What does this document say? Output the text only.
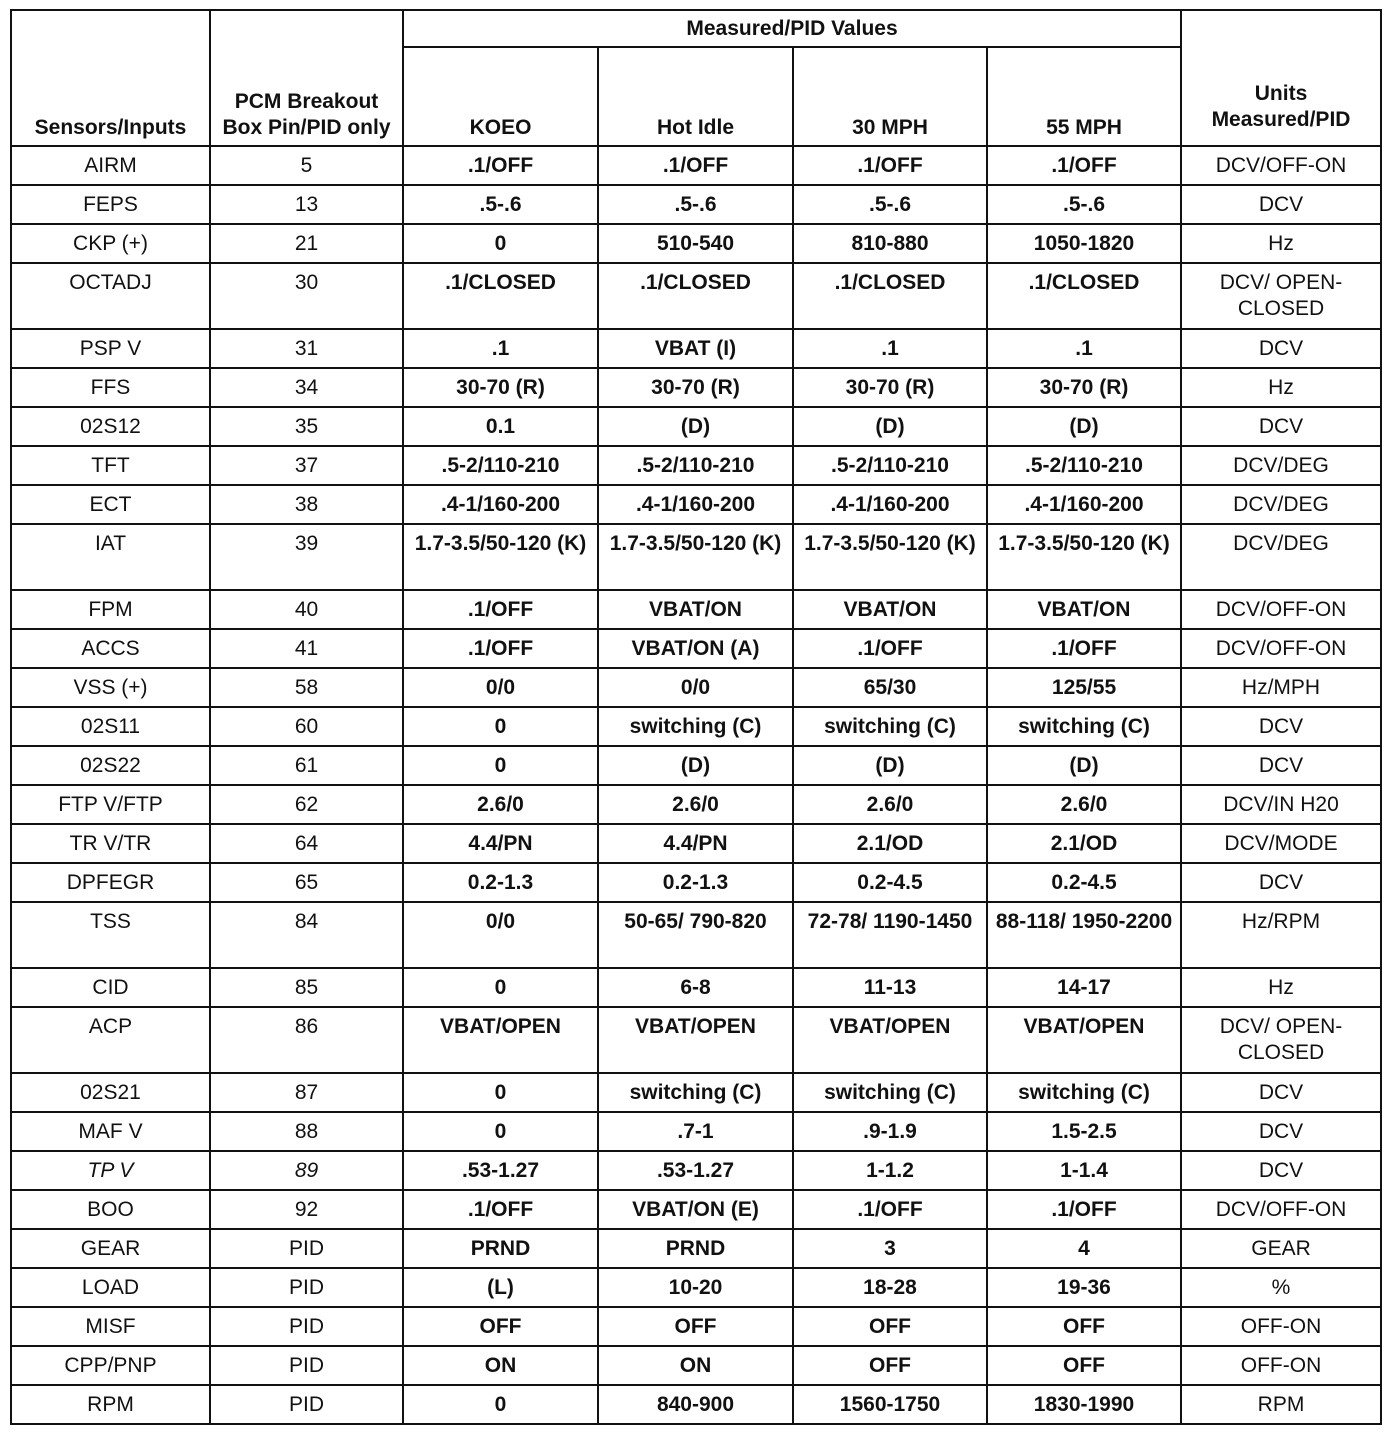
Sensors/Inputs	PCM Breakout Box Pin/PID only	Measured/PID Values				Units Measured/PID

		KOEO	Hot Idle	30 MPH	55 MPH	
AIRM	5	.1/OFF	.1/OFF	.1/OFF	.1/OFF	DCV/OFF-ON
FEPS	13	.5-.6	.5-.6	.5-.6	.5-.6	DCV
CKP (+)	21	0	510-540	810-880	1050-1820	Hz
OCTADJ	30	.1/CLOSED	.1/CLOSED	.1/CLOSED	.1/CLOSED	DCV/ OPEN-CLOSED
PSP V	31	.1	VBAT (I)	.1	.1	DCV
FFS	34	30-70 (R)	30-70 (R)	30-70 (R)	30-70 (R)	Hz
02S12	35	0.1	(D)	(D)	(D)	DCV
TFT	37	.5-2/110-210	.5-2/110-210	.5-2/110-210	.5-2/110-210	DCV/DEG
ECT	38	.4-1/160-200	.4-1/160-200	.4-1/160-200	.4-1/160-200	DCV/DEG
IAT	39	1.7-3.5/50-120 (K)	1.7-3.5/50-120 (K)	1.7-3.5/50-120 (K)	1.7-3.5/50-120 (K)	DCV/DEG
FPM	40	.1/OFF	VBAT/ON	VBAT/ON	VBAT/ON	DCV/OFF-ON
ACCS	41	.1/OFF	VBAT/ON (A)	.1/OFF	.1/OFF	DCV/OFF-ON
VSS (+)	58	0/0	0/0	65/30	125/55	Hz/MPH
02S11	60	0	switching (C)	switching (C)	switching (C)	DCV
02S22	61	0	(D)	(D)	(D)	DCV
FTP V/FTP	62	2.6/0	2.6/0	2.6/0	2.6/0	DCV/IN H20
TR V/TR	64	4.4/PN	4.4/PN	2.1/OD	2.1/OD	DCV/MODE
DPFEGR	65	0.2-1.3	0.2-1.3	0.2-4.5	0.2-4.5	DCV
TSS	84	0/0	50-65/ 790-820	72-78/ 1190-1450	88-118/ 1950-2200	Hz/RPM
CID	85	0	6-8	11-13	14-17	Hz
ACP	86	VBAT/OPEN	VBAT/OPEN	VBAT/OPEN	VBAT/OPEN	DCV/ OPEN-CLOSED
02S21	87	0	switching (C)	switching (C)	switching (C)	DCV
MAF V	88	0	.7-1	.9-1.9	1.5-2.5	DCV
TP V	89	.53-1.27	.53-1.27	1-1.2	1-1.4	DCV
BOO	92	.1/OFF	VBAT/ON (E)	.1/OFF	.1/OFF	DCV/OFF-ON
GEAR	PID	PRND	PRND	3	4	GEAR
LOAD	PID	(L)	10-20	18-28	19-36	%
MISF	PID	OFF	OFF	OFF	OFF	OFF-ON
CPP/PNP	PID	ON	ON	OFF	OFF	OFF-ON
RPM	PID	0	840-900	1560-1750	1830-1990	RPM
